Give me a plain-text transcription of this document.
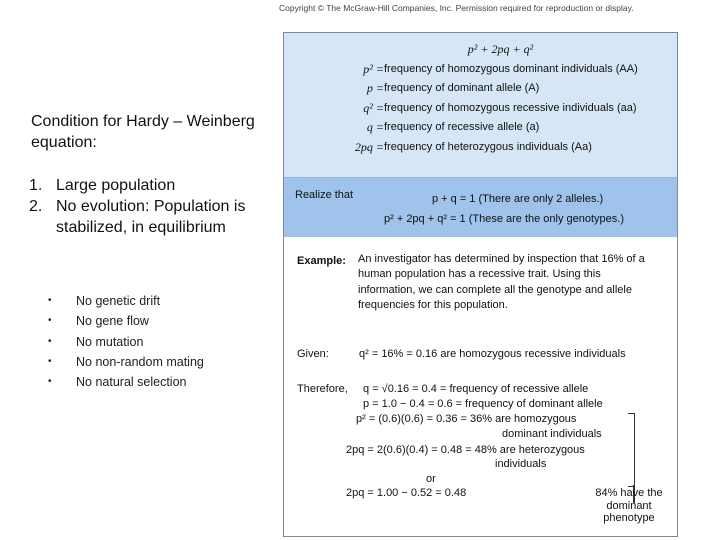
Copyright © The McGraw-Hill Companies, Inc. Permission required for reproduction or display.
Condition for Hardy – Weinberg equation:
1. Large population
2. No evolution: Population is stabilized, in equilibrium
• No genetic drift
• No gene flow
• No mutation
• No non-random mating
• No natural selection
p² + 2pq + q²
p² = frequency of homozygous dominant individuals (AA)
p = frequency of dominant allele (A)
q² = frequency of homozygous recessive individuals (aa)
q = frequency of recessive allele (a)
2pq = frequency of heterozygous individuals (Aa)
Realize that	p + q = 1 (There are only 2 alleles.)
p² + 2pq + q² = 1 (These are the only genotypes.)
Example: An investigator has determined by inspection that 16% of a human population has a recessive trait. Using this information, we can complete all the genotype and allele frequencies for this population.
Given:	q² = 16% = 0.16 are homozygous recessive individuals
Therefore, q = √0.16 = 0.4 = frequency of recessive allele
p = 1.0 − 0.4 = 0.6 = frequency of dominant allele
p² = (0.6)(0.6) = 0.36 = 36% are homozygous
dominant individuals
2pq = 2(0.6)(0.4) = 0.48 = 48% are heterozygous
individuals
or
2pq = 1.00 − 0.52 = 0.48	84% have the dominant phenotype
